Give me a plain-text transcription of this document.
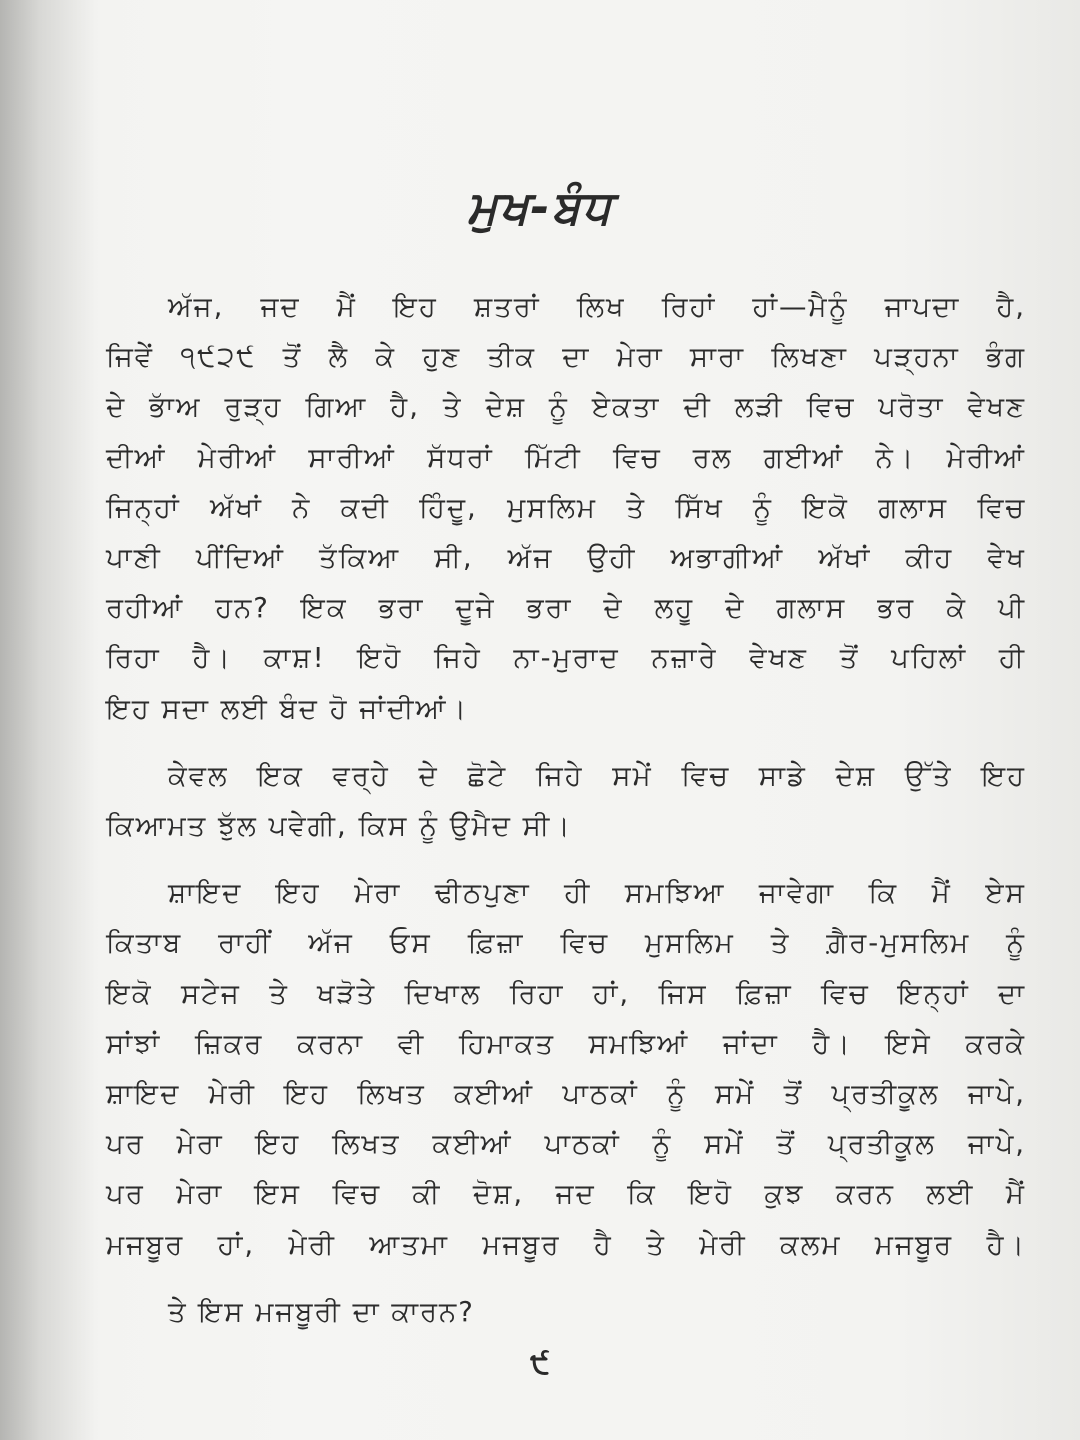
ਮੁਖ-ਬੰਧ
ਅੱਜ, ਜਦ ਮੈਂ ਇਹ ਸ਼ਤਰਾਂ ਲਿਖ ਰਿਹਾਂ ਹਾਂ—ਮੈਨੂੰ ਜਾਪਦਾ ਹੈ,
ਜਿਵੇਂ ੧੯੨੯ ਤੋਂ ਲੈ ਕੇ ਹੁਣ ਤੀਕ ਦਾ ਮੇਰਾ ਸਾਰਾ ਲਿਖਣਾ ਪੜ੍ਹਨਾ ਭੰਗ
ਦੇ ਭਾੱਅ ਰੁੜ੍ਹ ਗਿਆ ਹੈ, ਤੇ ਦੇਸ਼ ਨੂੰ ਏਕਤਾ ਦੀ ਲੜੀ ਵਿਚ ਪਰੋਤਾ ਵੇਖਣ
ਦੀਆਂ ਮੇਰੀਆਂ ਸਾਰੀਆਂ ਸੱਧਰਾਂ ਮਿੱਟੀ ਵਿਚ ਰਲ ਗਈਆਂ ਨੇ। ਮੇਰੀਆਂ
ਜਿਨ੍ਹਾਂ ਅੱਖਾਂ ਨੇ ਕਦੀ ਹਿੰਦੂ, ਮੁਸਲਿਮ ਤੇ ਸਿੱਖ ਨੂੰ ਇਕੋ ਗਲਾਸ ਵਿਚ
ਪਾਣੀ ਪੀਂਦਿਆਂ ਤੱਕਿਆ ਸੀ, ਅੱਜ ਉਹੀ ਅਭਾਗੀਆਂ ਅੱਖਾਂ ਕੀਹ ਵੇਖ
ਰਹੀਆਂ ਹਨ? ਇਕ ਭਰਾ ਦੂਜੇ ਭਰਾ ਦੇ ਲਹੂ ਦੇ ਗਲਾਸ ਭਰ ਕੇ ਪੀ
ਰਿਹਾ ਹੈ। ਕਾਸ਼! ਇਹੋ ਜਿਹੇ ਨਾ-ਮੁਰਾਦ ਨਜ਼ਾਰੇ ਵੇਖਣ ਤੋਂ ਪਹਿਲਾਂ ਹੀ
ਇਹ ਸਦਾ ਲਈ ਬੰਦ ਹੋ ਜਾਂਦੀਆਂ।
ਕੇਵਲ ਇਕ ਵਰ੍ਹੇ ਦੇ ਛੋਟੇ ਜਿਹੇ ਸਮੇਂ ਵਿਚ ਸਾਡੇ ਦੇਸ਼ ਉੱਤੇ ਇਹ
ਕਿਆਮਤ ਝੁੱਲ ਪਵੇਗੀ, ਕਿਸ ਨੂੰ ਉਮੈਦ ਸੀ।
ਸ਼ਾਇਦ ਇਹ ਮੇਰਾ ਢੀਠਪੁਣਾ ਹੀ ਸਮਝਿਆ ਜਾਵੇਗਾ ਕਿ ਮੈਂ ਏਸ
ਕਿਤਾਬ ਰਾਹੀਂ ਅੱਜ ਓਸ ਫ਼ਿਜ਼ਾ ਵਿਚ ਮੁਸਲਿਮ ਤੇ ਗ਼ੈਰ-ਮੁਸਲਿਮ ਨੂੰ
ਇਕੋ ਸਟੇਜ ਤੇ ਖੜੋਤੇ ਦਿਖਾਲ ਰਿਹਾ ਹਾਂ, ਜਿਸ ਫ਼ਿਜ਼ਾ ਵਿਚ ਇਨ੍ਹਾਂ ਦਾ
ਸਾਂਝਾਂ ਜ਼ਿਕਰ ਕਰਨਾ ਵੀ ਹਿਮਾਕਤ ਸਮਝਿਆਂ ਜਾਂਦਾ ਹੈ। ਇਸੇ ਕਰਕੇ
ਸ਼ਾਇਦ ਮੇਰੀ ਇਹ ਲਿਖਤ ਕਈਆਂ ਪਾਠਕਾਂ ਨੂੰ ਸਮੇਂ ਤੋਂ ਪ੍ਰਤੀਕੂਲ ਜਾਪੇ,
ਪਰ ਮੇਰਾ ਇਹ ਲਿਖਤ ਕਈਆਂ ਪਾਠਕਾਂ ਨੂੰ ਸਮੇਂ ਤੋਂ ਪ੍ਰਤੀਕੂਲ ਜਾਪੇ,
ਪਰ ਮੇਰਾ ਇਸ ਵਿਚ ਕੀ ਦੋਸ਼, ਜਦ ਕਿ ਇਹੋ ਕੁਝ ਕਰਨ ਲਈ ਮੈਂ
ਮਜਬੂਰ ਹਾਂ, ਮੇਰੀ ਆਤਮਾ ਮਜਬੂਰ ਹੈ ਤੇ ਮੇਰੀ ਕਲਮ ਮਜਬੂਰ ਹੈ।
ਤੇ ਇਸ ਮਜਬੂਰੀ ਦਾ ਕਾਰਨ?
੯
